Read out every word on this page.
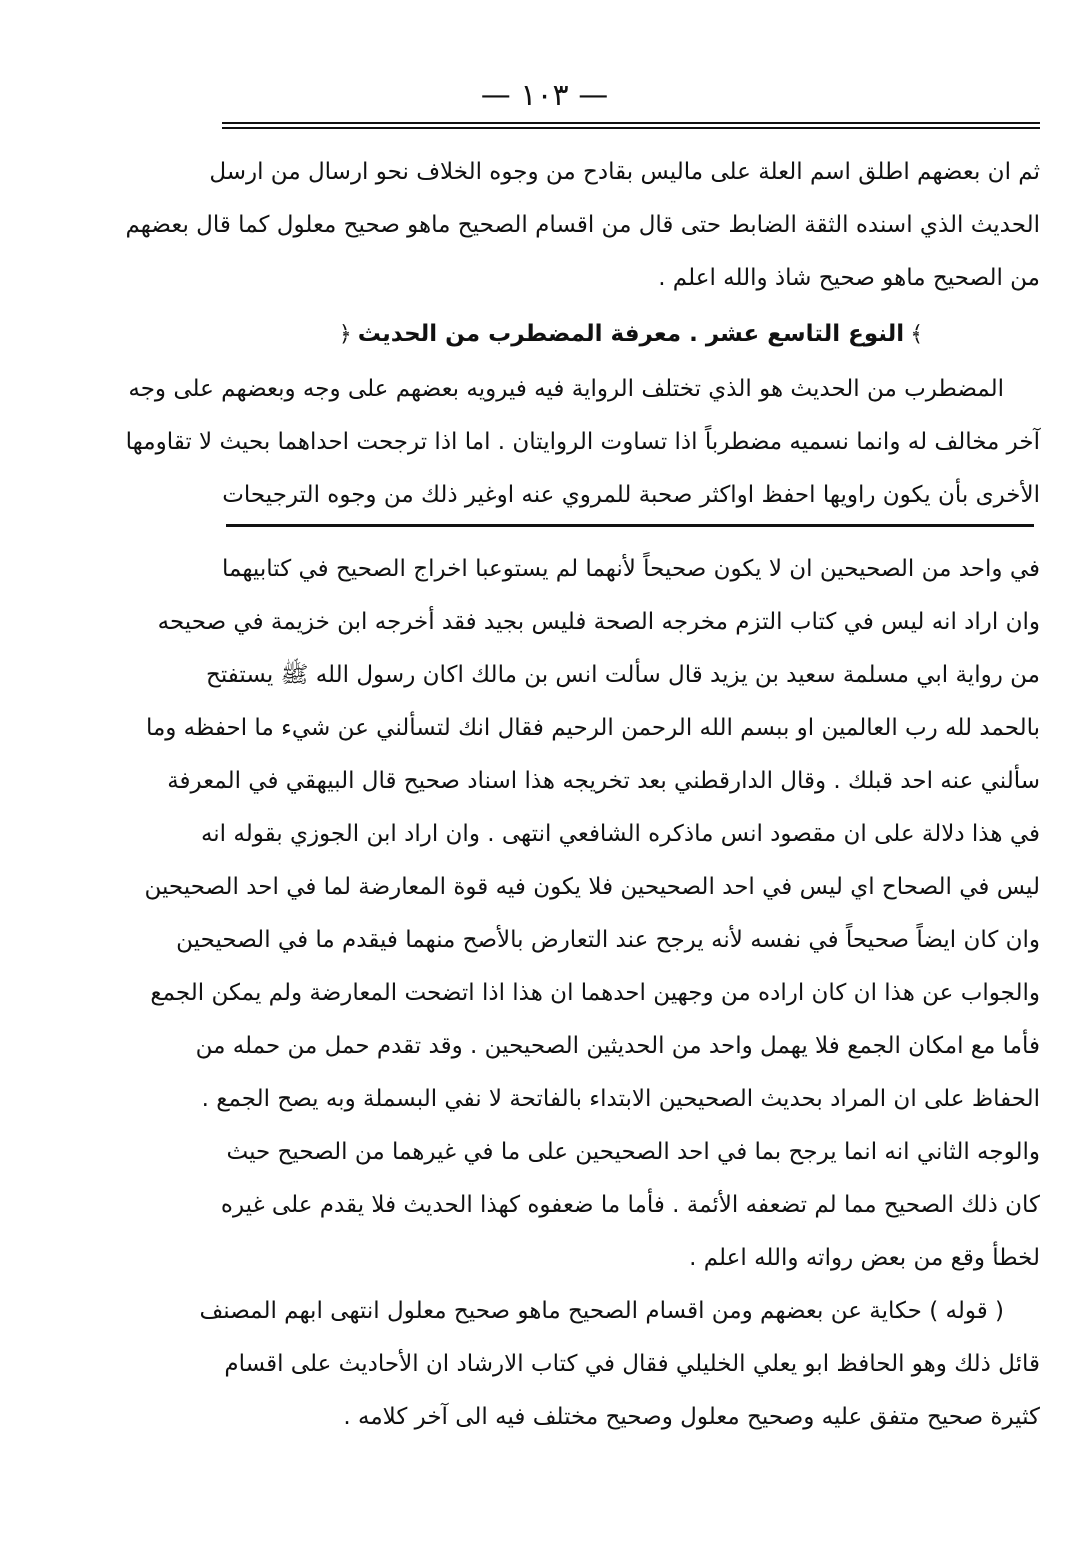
— ١٠٣ —
ثم ان بعضهم اطلق اسم العلة على ماليس بقادح من وجوه الخلاف نحو ارسال من ارسل
الحديث الذي اسنده الثقة الضابط حتى قال من اقسام الصحيح ماهو صحيح معلول كما قال بعضهم
من الصحيح ماهو صحيح شاذ والله اعلم .
﴾النوع التاسع عشر . معرفة المضطرب من الحديث﴿
المضطرب من الحديث هو الذي تختلف الرواية فيه فيرويه بعضهم على وجه وبعضهم على وجه
آخر مخالف له وانما نسميه مضطرباً اذا تساوت الروايتان . اما اذا ترجحت احداهما بحيث لا تقاومها
الأخرى بأن يكون راويها احفظ اواكثر صحبة للمروي عنه اوغير ذلك من وجوه الترجيحات
في واحد من الصحيحين ان لا يكون صحيحاً لأنهما لم يستوعبا اخراج الصحيح في كتابيهما
وان اراد انه ليس في كتاب التزم مخرجه الصحة فليس بجيد فقد أخرجه ابن خزيمة في صحيحه
من رواية ابي مسلمة سعيد بن يزيد قال سألت انس بن مالك اكان رسول الله ﷺ يستفتح
بالحمد لله رب العالمين او ببسم الله الرحمن الرحيم فقال انك لتسألني عن شيء ما احفظه وما
سألني عنه احد قبلك . وقال الدارقطني بعد تخريجه هذا اسناد صحيح قال البيهقي في المعرفة
في هذا دلالة على ان مقصود انس ماذكره الشافعي انتهى . وان اراد ابن الجوزي بقوله انه
ليس في الصحاح اي ليس في احد الصحيحين فلا يكون فيه قوة المعارضة لما في احد الصحيحين
وان كان ايضاً صحيحاً في نفسه لأنه يرجح عند التعارض بالأصح منهما فيقدم ما في الصحيحين
والجواب عن هذا ان كان اراده من وجهين احدهما ان هذا اذا اتضحت المعارضة ولم يمكن الجمع
فأما مع امكان الجمع فلا يهمل واحد من الحديثين الصحيحين . وقد تقدم حمل من حمله من
الحفاظ على ان المراد بحديث الصحيحين الابتداء بالفاتحة لا نفي البسملة وبه يصح الجمع .
والوجه الثاني انه انما يرجح بما في احد الصحيحين على ما في غيرهما من الصحيح حيث
كان ذلك الصحيح مما لم تضعفه الأئمة . فأما ما ضعفوه كهذا الحديث فلا يقدم على غيره
لخطأ وقع من بعض رواته والله اعلم .
( قوله ) حكاية عن بعضهم ومن اقسام الصحيح ماهو صحيح معلول انتهى ابهم المصنف
قائل ذلك وهو الحافظ ابو يعلي الخليلي فقال في كتاب الارشاد ان الأحاديث على اقسام
كثيرة صحيح متفق عليه وصحيح معلول وصحيح مختلف فيه الى آخر كلامه .
